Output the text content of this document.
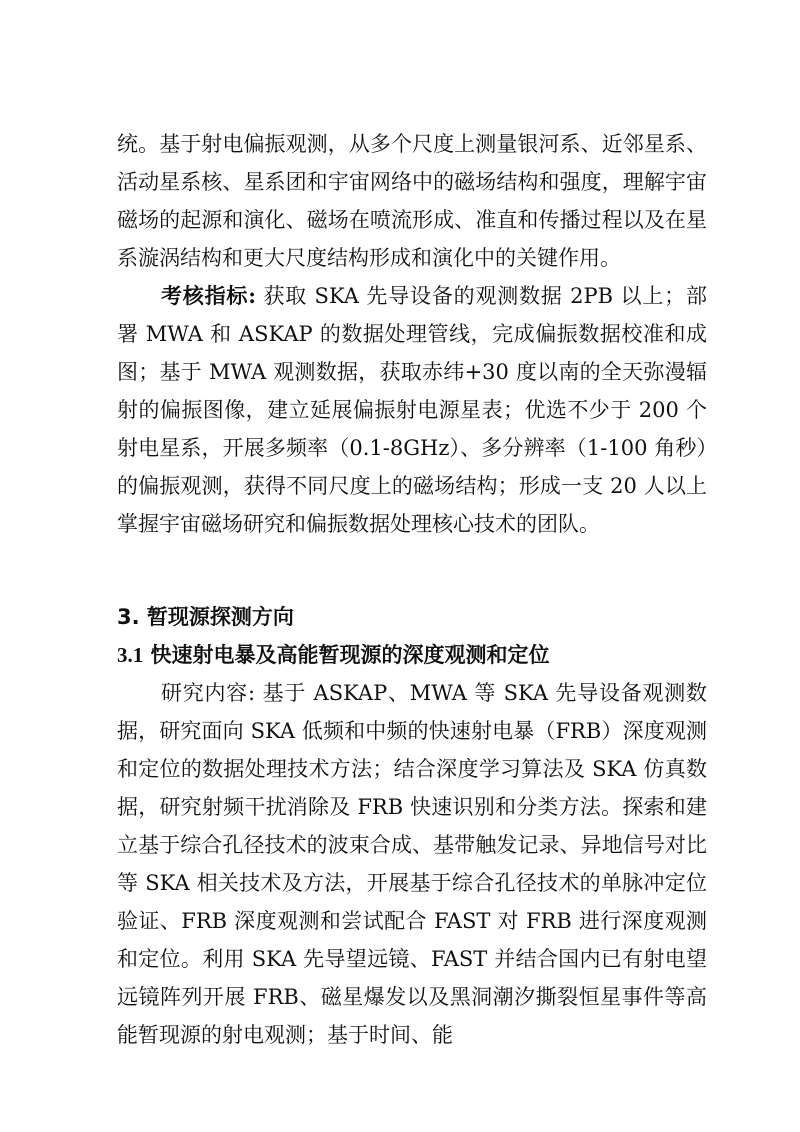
统。基于射电偏振观测，从多个尺度上测量银河系、近邻星系、活动星系核、星系团和宇宙网络中的磁场结构和强度，理解宇宙磁场的起源和演化、磁场在喷流形成、准直和传播过程以及在星系漩涡结构和更大尺度结构形成和演化中的关键作用。

考核指标: 获取 SKA 先导设备的观测数据 2PB 以上；部署 MWA 和 ASKAP 的数据处理管线，完成偏振数据校准和成图；基于 MWA 观测数据，获取赤纬+30 度以南的全天弥漫辐射的偏振图像，建立延展偏振射电源星表；优选不少于 200 个射电星系，开展多频率（0.1-8GHz）、多分辨率（1-100 角秒）的偏振观测，获得不同尺度上的磁场结构；形成一支 20 人以上掌握宇宙磁场研究和偏振数据处理核心技术的团队。

3. 暂现源探测方向
3.1 快速射电暴及高能暂现源的深度观测和定位

研究内容: 基于 ASKAP、MWA 等 SKA 先导设备观测数据，研究面向 SKA 低频和中频的快速射电暴（FRB）深度观测和定位的数据处理技术方法；结合深度学习算法及 SKA 仿真数据，研究射频干扰消除及 FRB 快速识别和分类方法。探索和建立基于综合孔径技术的波束合成、基带触发记录、异地信号对比等 SKA 相关技术及方法，开展基于综合孔径技术的单脉冲定位验证、FRB 深度观测和尝试配合 FAST 对 FRB 进行深度观测和定位。利用 SKA 先导望远镜、FAST 并结合国内已有射电望远镜阵列开展 FRB、磁星爆发以及黑洞潮汐撕裂恒星事件等高能暂现源的射电观测；基于时间、能
